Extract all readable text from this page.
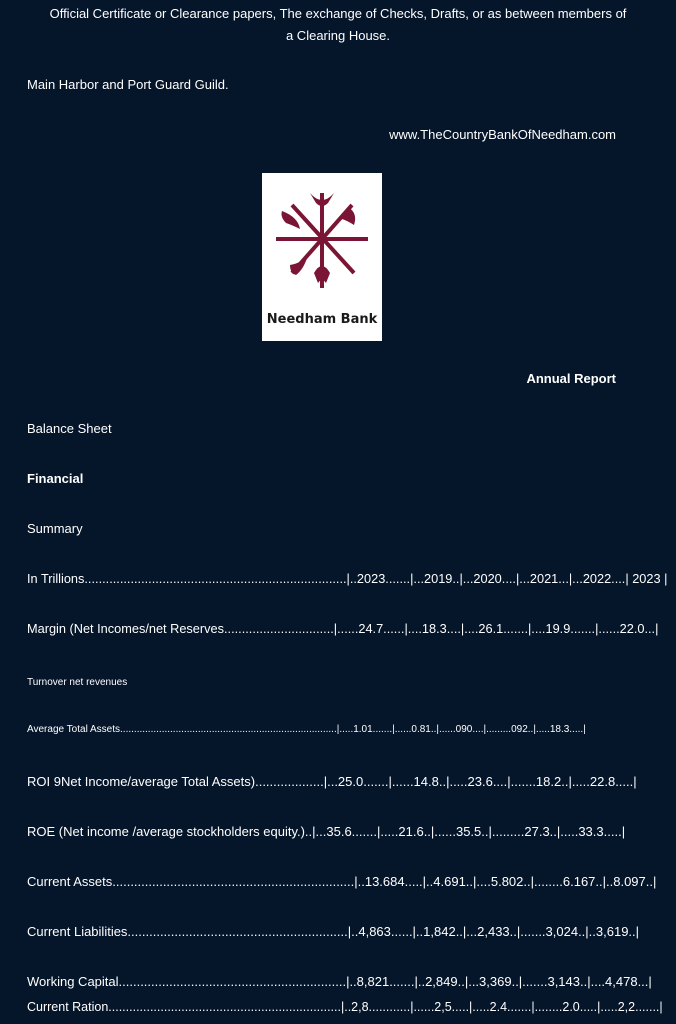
Official Certificate or Clearance papers, The exchange of Checks, Drafts, or as between members of
a Clearing House.
Main Harbor and Port Guard Guild.
www.TheCountryBankOfNeedham.com
Needham Bank
Annual Report
Balance Sheet
Financial
Summary
In Trillions..........................................................................|..2023.......|...2019..|...2020....|...2021...|...2022....| 2023 |
Margin (Net Incomes/net Reserves...............................|......24.7......|....18.3....|....26.1.......|....19.9.......|......22.0...|
Turnover net revenues
Average Total Assets..............................................................................|.....1.01.......|......0.81..|......090....|.........092..|.....18.3.....|
ROI 9Net Income/average Total Assets)...................|...25.0.......|......14.8..|.....23.6....|.......18.2..|.....22.8.....|
ROE (Net income /average stockholders equity.)..|...35.6.......|.....21.6..|......35.5..|.........27.3..|.....33.3.....|
Current Assets...................................................................|..13.684.....|..4.691..|....5.802..|........6.167..|..8.097..|
Current Liabilities.............................................................|..4,863......|..1,842..|...2,433..|.......3,024..|..3,619..|
Working Capital...............................................................|..8,821.......|..2,849..|...3,369..|.......3,143..|....4,478...|
Current Ration...................................................................|..2,8............|......2,5.....|.....2.4.......|........2.0.....|.....2,2.......|
